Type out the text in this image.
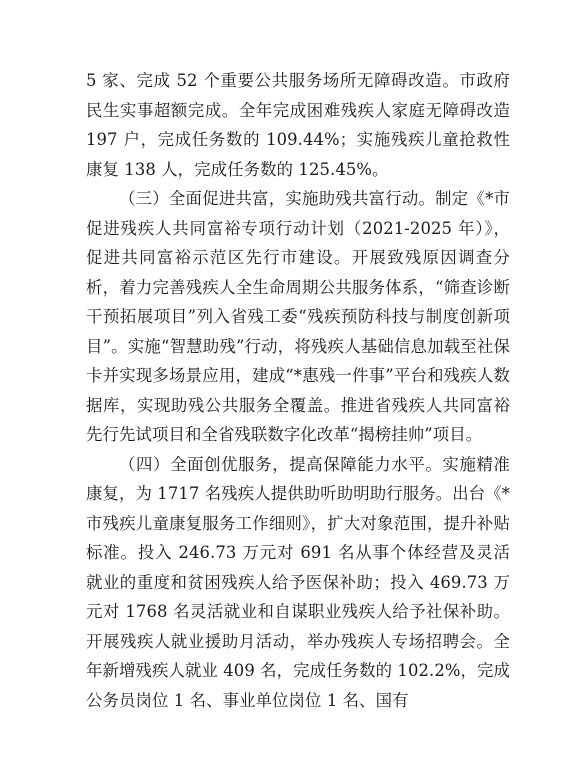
5 家、完成 52 个重要公共服务场所无障碍改造。市政府民生实事超额完成。全年完成困难残疾人家庭无障碍改造 197 户，完成任务数的 109.44%；实施残疾儿童抢救性康复 138 人，完成任务数的 125.45%。

（三）全面促进共富，实施助残共富行动。制定《*市促进残疾人共同富裕专项行动计划（2021-2025 年）》，促进共同富裕示范区先行市建设。开展致残原因调查分析，着力完善残疾人全生命周期公共服务体系，“筛查诊断干预拓展项目”列入省残工委“残疾预防科技与制度创新项目”。实施“智慧助残”行动，将残疾人基础信息加载至社保卡并实现多场景应用，建成“*惠残一件事”平台和残疾人数据库，实现助残公共服务全覆盖。推进省残疾人共同富裕先行先试项目和全省残联数字化改革“揭榜挂帅”项目。

（四）全面创优服务，提高保障能力水平。实施精准康复，为 1717 名残疾人提供助听助明助行服务。出台《*市残疾儿童康复服务工作细则》，扩大对象范围，提升补贴标准。投入 246.73 万元对 691 名从事个体经营及灵活就业的重度和贫困残疾人给予医保补助；投入 469.73 万元对 1768 名灵活就业和自谋职业残疾人给予社保补助。开展残疾人就业援助月活动，举办残疾人专场招聘会。全年新增残疾人就业 409 名，完成任务数的 102.2%，完成公务员岗位 1 名、事业单位岗位 1 名、国有
